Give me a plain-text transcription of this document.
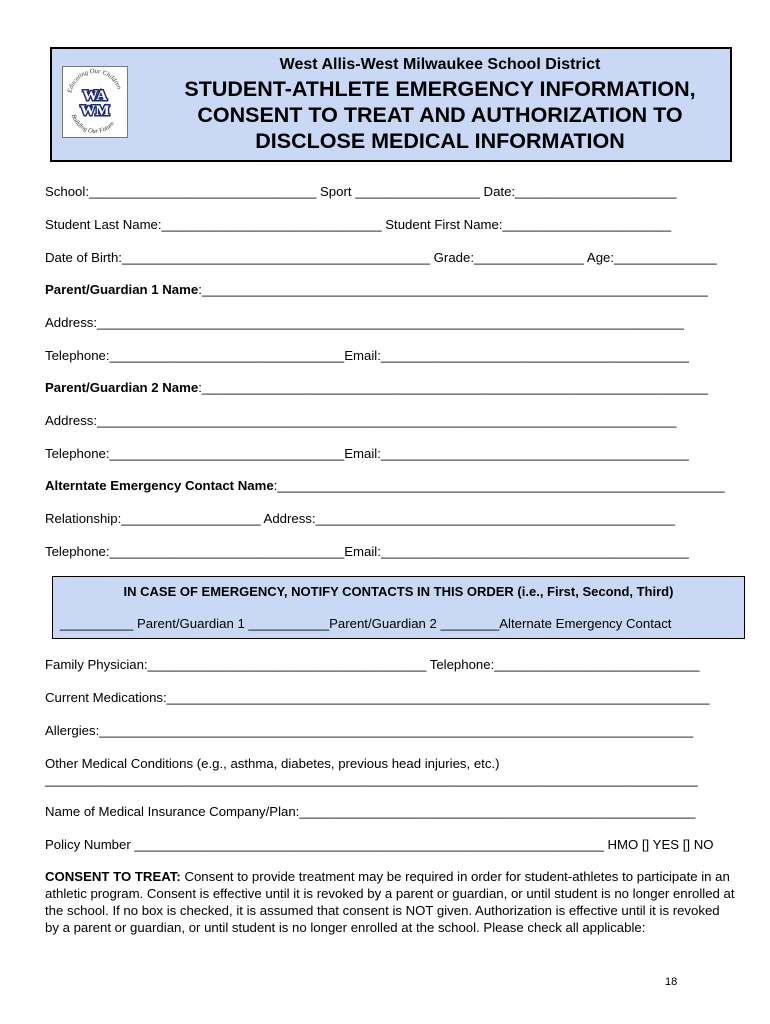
Educating Our Children
Building Our Future
WA
WM
West Allis-West Milwaukee School District
STUDENT-ATHLETE EMERGENCY INFORMATION,
CONSENT TO TREAT AND AUTHORIZATION TO
DISCLOSE MEDICAL INFORMATION
School:_______________________________ Sport _________________ Date:______________________
Student Last Name:______________________________ Student First Name:_______________________
Date of Birth:__________________________________________ Grade:_______________ Age:______________
Parent/Guardian 1 Name:_____________________________________________________________________
Address:________________________________________________________________________________
Telephone:________________________________Email:__________________________________________
Parent/Guardian 2 Name:_____________________________________________________________________
Address:_______________________________________________________________________________
Telephone:________________________________Email:__________________________________________
Alterntate Emergency Contact Name:_____________________________________________________________
Relationship:___________________ Address:_________________________________________________
Telephone:________________________________Email:__________________________________________
IN CASE OF EMERGENCY, NOTIFY CONTACTS IN THIS ORDER (i.e., First, Second, Third)
__________ Parent/Guardian 1 ___________Parent/Guardian 2 ________Alternate Emergency Contact
Family Physician:______________________________________ Telephone:____________________________
Current Medications:__________________________________________________________________________
Allergies:_________________________________________________________________________________
Other Medical Conditions (e.g., asthma, diabetes, previous head injuries, etc.)
_________________________________________________________________________________________
Name of Medical Insurance Company/Plan:______________________________________________________
Policy Number ________________________________________________________________ HMO [] YES [] NO
CONSENT TO TREAT: Consent to provide treatment may be required in order for student-athletes to participate in an athletic program. Consent is effective until it is revoked by a parent or guardian, or until student is no longer enrolled at the school. If no box is checked, it is assumed that consent is NOT given. Authorization is effective until it is revoked by a parent or guardian, or until student is no longer enrolled at the school. Please check all applicable:
18
